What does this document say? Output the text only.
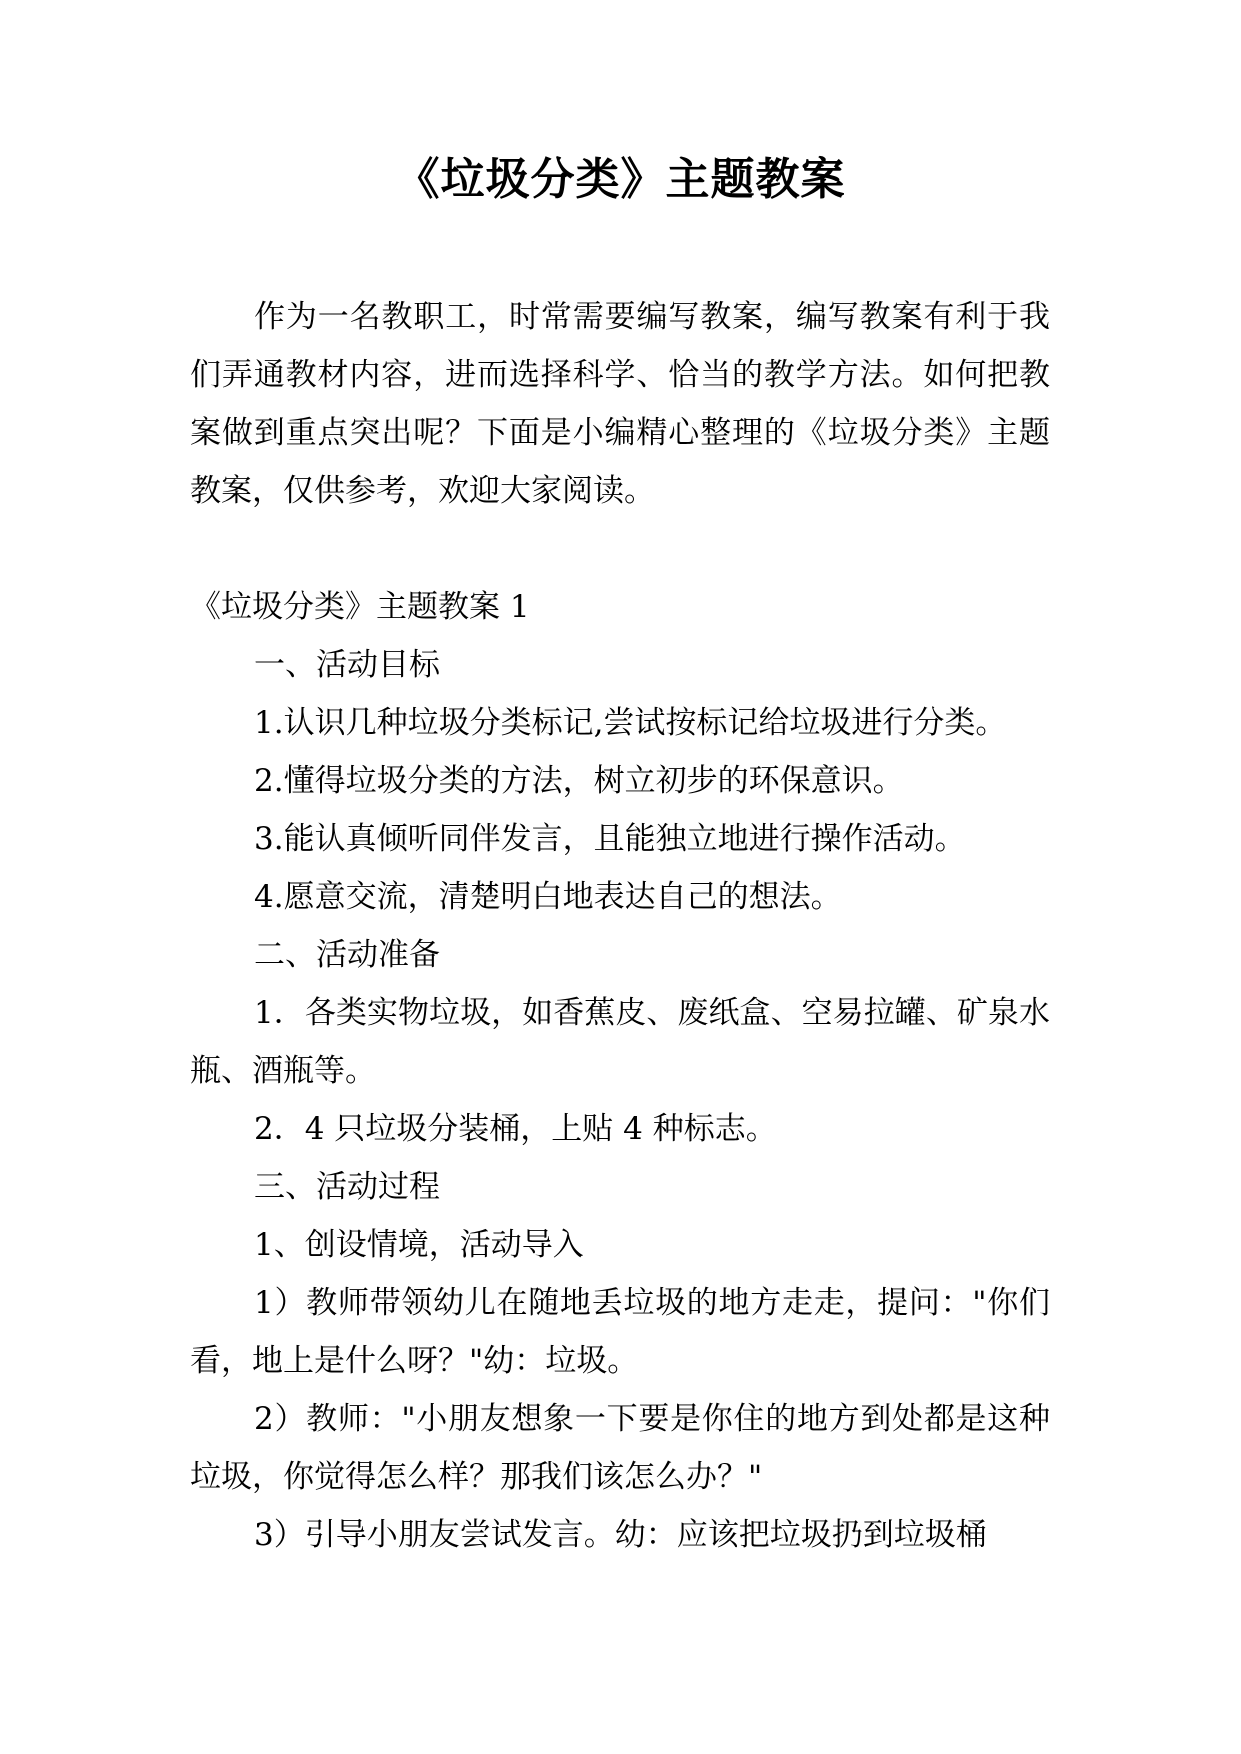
《垃圾分类》主题教案

作为一名教职工，时常需要编写教案，编写教案有利于我们弄通教材内容，进而选择科学、恰当的教学方法。如何把教案做到重点突出呢？下面是小编精心整理的《垃圾分类》主题教案，仅供参考，欢迎大家阅读。

《垃圾分类》主题教案 1

一、活动目标

1.认识几种垃圾分类标记,尝试按标记给垃圾进行分类。

2.懂得垃圾分类的方法，树立初步的环保意识。

3.能认真倾听同伴发言，且能独立地进行操作活动。

4.愿意交流，清楚明白地表达自己的想法。

二、活动准备

1．各类实物垃圾，如香蕉皮、废纸盒、空易拉罐、矿泉水瓶、酒瓶等。

2．4 只垃圾分装桶，上贴 4 种标志。

三、活动过程

1、创设情境，活动导入

1）教师带领幼儿在随地丢垃圾的地方走走，提问："你们看，地上是什么呀？"幼：垃圾。

2）教师："小朋友想象一下要是你住的地方到处都是这种垃圾，你觉得怎么样？那我们该怎么办？"

3）引导小朋友尝试发言。幼：应该把垃圾扔到垃圾桶
